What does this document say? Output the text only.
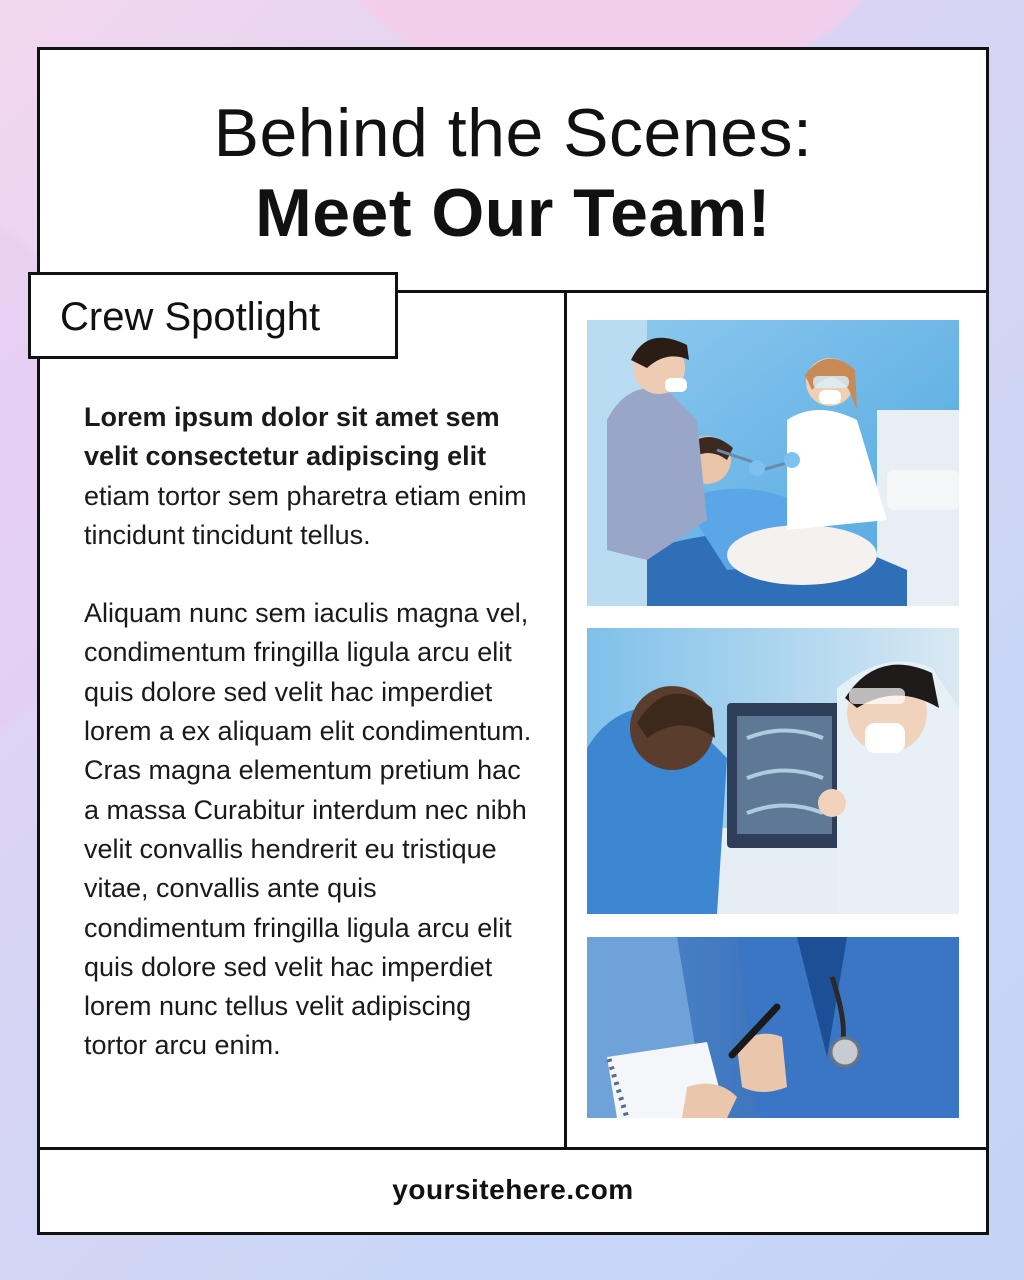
Behind the Scenes:
Meet Our Team!
yoursitehere.com
Crew Spotlight

Lorem ipsum dolor sit amet sem velit consectetur adipiscing elit etiam tortor sem pharetra etiam enim tincidunt tincidunt tellus.

Aliquam nunc sem iaculis magna vel, condimentum fringilla ligula arcu elit quis dolore sed velit hac imperdiet lorem a ex aliquam elit condimentum.

Cras magna elementum pretium hac a massa Curabitur interdum nec nibh velit convallis hendrerit eu tristique vitae, convallis ante quis condimentum fringilla ligula arcu elit quis dolore sed velit hac imperdiet lorem nunc tellus velit adipiscing tortor arcu enim.
